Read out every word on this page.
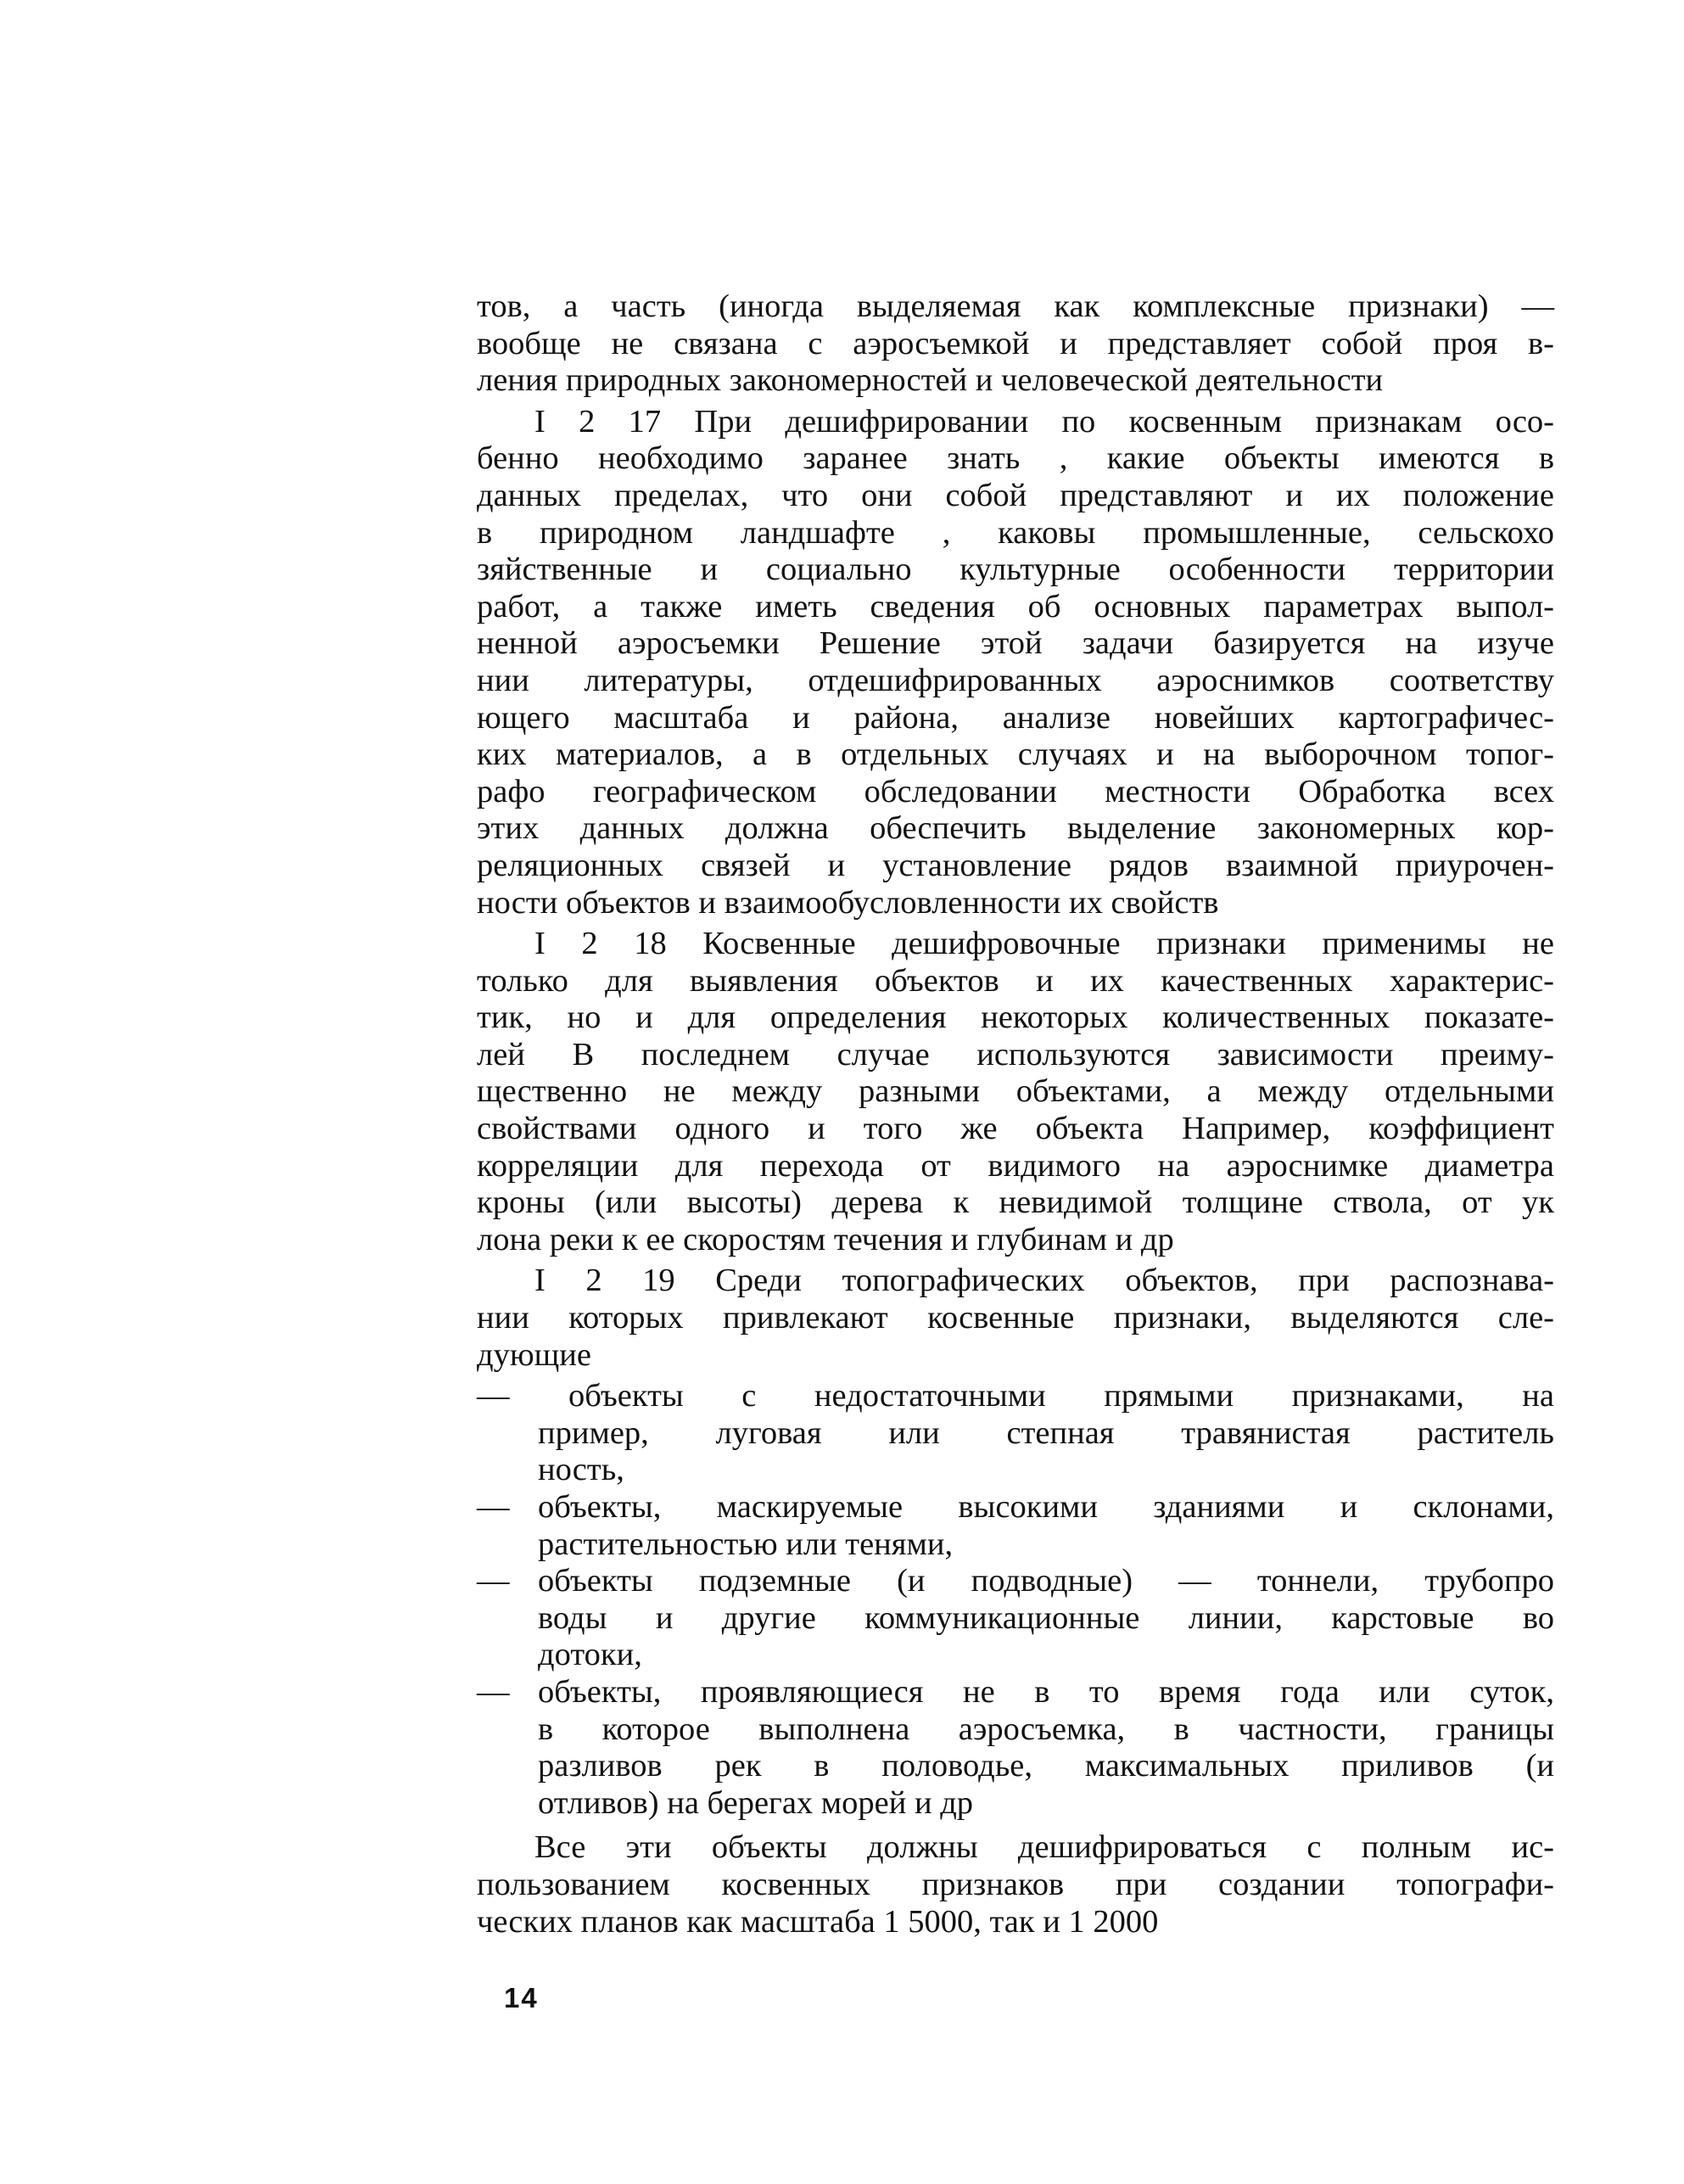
тов, а часть (иногда выделяемая как комплексные признаки) —
вообще не связана с аэросъемкой и представляет собой проя в-
ления природных закономерностей и человеческой деятельности
I 2 17 При дешифрировании по косвенным признакам осо-
бенно необходимо заранее знать , какие объекты имеются в
данных пределах, что они собой представляют и их положение
в природном ландшафте , каковы промышленные, сельскохо
зяйственные и социально культурные особенности территории
работ, а также иметь сведения об основных параметрах выпол-
ненной аэросъемки Решение этой задачи базируется на изуче
нии литературы, отдешифрированных аэроснимков соответству
ющего масштаба и района, анализе новейших картографичес-
ких материалов, а в отдельных случаях и на выборочном топог-
рафо географическом обследовании местности Обработка всех
этих данных должна обеспечить выделение закономерных кор-
реляционных связей и установление рядов взаимной приурочен-
ности объектов и взаимообусловленности их свойств
I 2 18 Косвенные дешифровочные признаки применимы не
только для выявления объектов и их качественных характерис-
тик, но и для определения некоторых количественных показате-
лей В последнем случае используются зависимости преиму-
щественно не между разными объектами, а между отдельными
свойствами одного и того же объекта Например, коэффициент
корреляции для перехода от видимого на аэроснимке диаметра
кроны (или высоты) дерева к невидимой толщине ствола, от ук
лона реки к ее скоростям течения и глубинам и др
I 2 19 Среди топографических объектов, при распознава-
нии которых привлекают косвенные признаки, выделяются сле-
дующие
—	объекты с недостаточными прямыми признаками, на
пример, луговая или степная травянистая раститель
ность,
— объекты, маскируемые высокими зданиями и склонами,
растительностью или тенями,
— объекты подземные (и подводные) — тоннели, трубопро
воды и другие коммуникационные линии, карстовые во
дотоки,
— объекты, проявляющиеся не в то время года или суток,
в которое выполнена аэросъемка, в частности, границы
разливов рек в половодье, максимальных приливов (и
отливов) на берегах морей и др
Все эти объекты должны дешифрироваться с полным ис-
пользованием косвенных признаков при создании топографи-
ческих планов как масштаба 1 5000, так и 1 2000
14
